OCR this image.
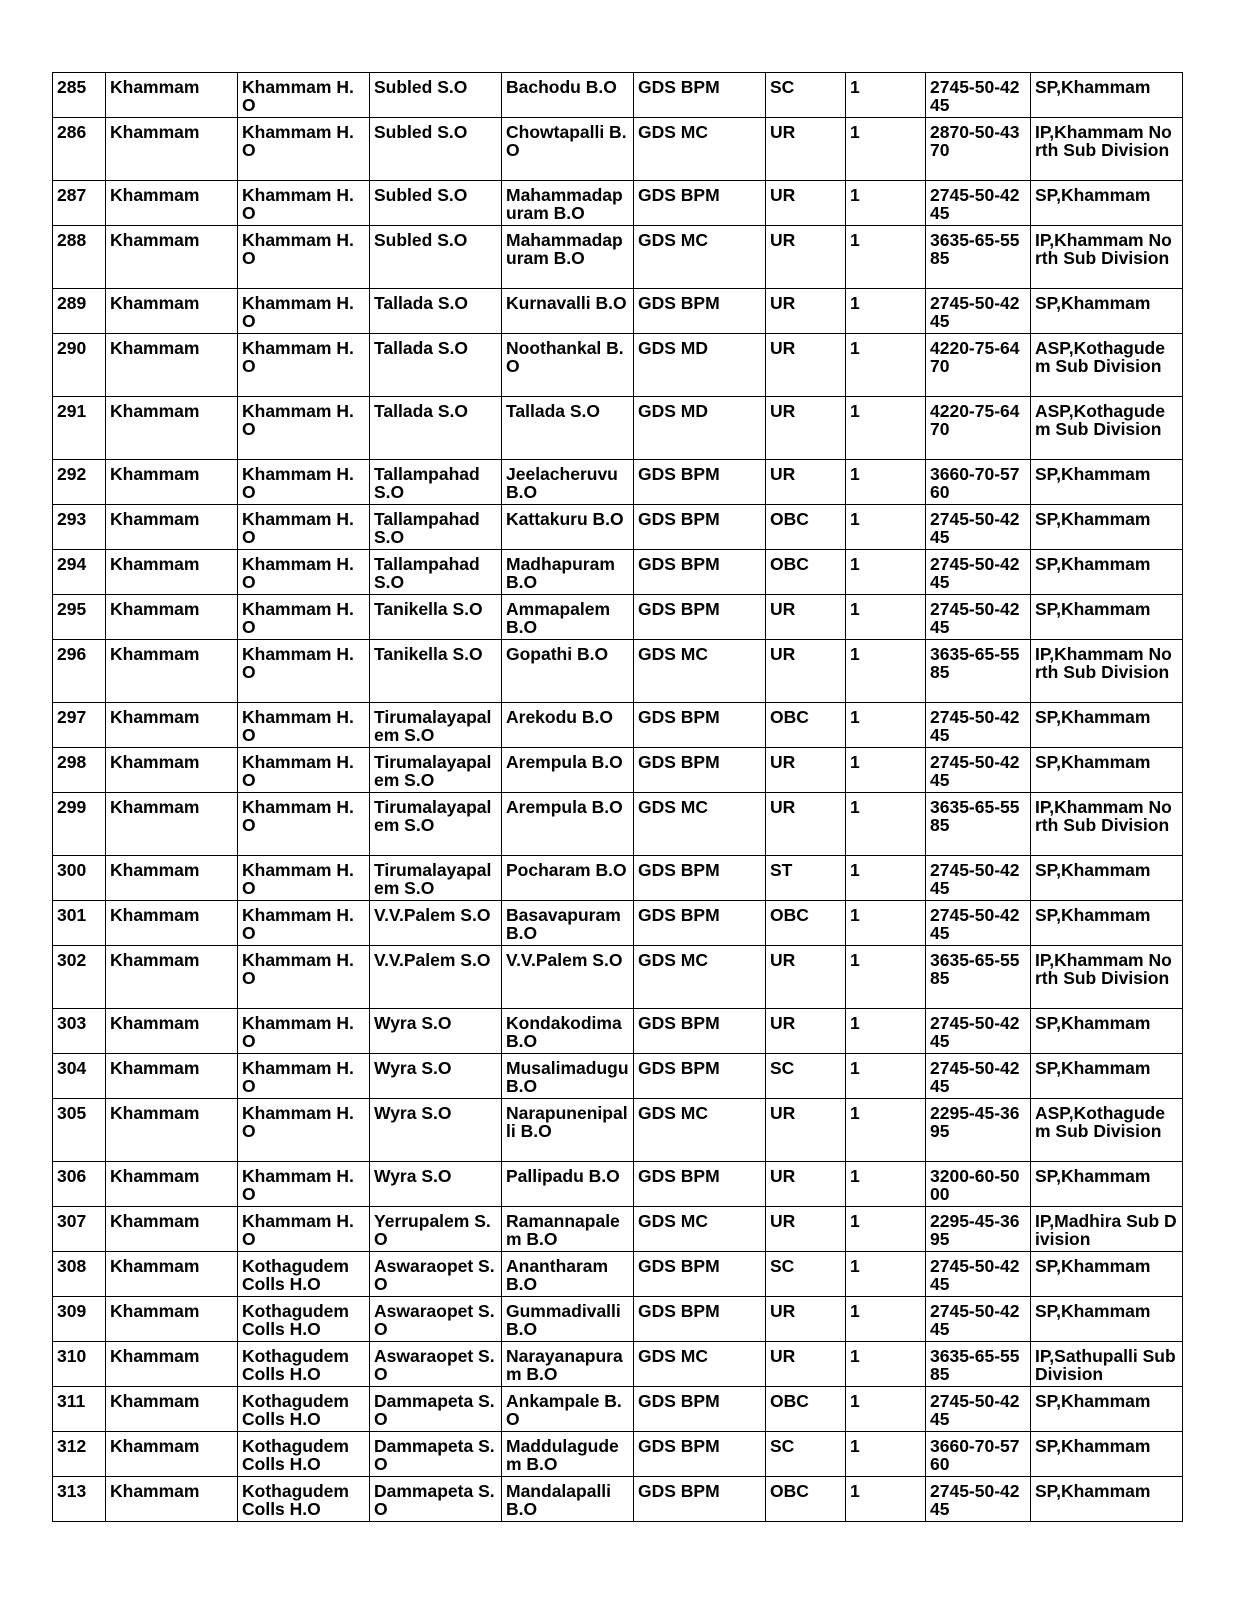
285	Khammam	Khammam H.O	Subled S.O	Bachodu B.O	GDS BPM	SC	1	2745-50-4245	SP,Khammam
286	Khammam	Khammam H.O	Subled S.O	Chowtapalli B.O	GDS MC	UR	1	2870-50-4370	IP,Khammam North Sub Division
287	Khammam	Khammam H.O	Subled S.O	Mahammadapuram B.O	GDS BPM	UR	1	2745-50-4245	SP,Khammam
288	Khammam	Khammam H.O	Subled S.O	Mahammadapuram B.O	GDS MC	UR	1	3635-65-5585	IP,Khammam North Sub Division
289	Khammam	Khammam H.O	Tallada S.O	Kurnavalli B.O	GDS BPM	UR	1	2745-50-4245	SP,Khammam
290	Khammam	Khammam H.O	Tallada S.O	Noothankal B.O	GDS MD	UR	1	4220-75-6470	ASP,Kothagudem Sub Division
291	Khammam	Khammam H.O	Tallada S.O	Tallada S.O	GDS MD	UR	1	4220-75-6470	ASP,Kothagudem Sub Division
292	Khammam	Khammam H.O	Tallampahad S.O	Jeelacheruvu B.O	GDS BPM	UR	1	3660-70-5760	SP,Khammam
293	Khammam	Khammam H.O	Tallampahad S.O	Kattakuru B.O	GDS BPM	OBC	1	2745-50-4245	SP,Khammam
294	Khammam	Khammam H.O	Tallampahad S.O	Madhapuram B.O	GDS BPM	OBC	1	2745-50-4245	SP,Khammam
295	Khammam	Khammam H.O	Tanikella S.O	Ammapalem B.O	GDS BPM	UR	1	2745-50-4245	SP,Khammam
296	Khammam	Khammam H.O	Tanikella S.O	Gopathi B.O	GDS MC	UR	1	3635-65-5585	IP,Khammam North Sub Division
297	Khammam	Khammam H.O	Tirumalayapalem S.O	Arekodu B.O	GDS BPM	OBC	1	2745-50-4245	SP,Khammam
298	Khammam	Khammam H.O	Tirumalayapalem S.O	Arempula B.O	GDS BPM	UR	1	2745-50-4245	SP,Khammam
299	Khammam	Khammam H.O	Tirumalayapalem S.O	Arempula B.O	GDS MC	UR	1	3635-65-5585	IP,Khammam North Sub Division
300	Khammam	Khammam H.O	Tirumalayapalem S.O	Pocharam B.O	GDS BPM	ST	1	2745-50-4245	SP,Khammam
301	Khammam	Khammam H.O	V.V.Palem S.O	Basavapuram B.O	GDS BPM	OBC	1	2745-50-4245	SP,Khammam
302	Khammam	Khammam H.O	V.V.Palem S.O	V.V.Palem S.O	GDS MC	UR	1	3635-65-5585	IP,Khammam North Sub Division
303	Khammam	Khammam H.O	Wyra S.O	Kondakodima B.O	GDS BPM	UR	1	2745-50-4245	SP,Khammam
304	Khammam	Khammam H.O	Wyra S.O	Musalimadugu B.O	GDS BPM	SC	1	2745-50-4245	SP,Khammam
305	Khammam	Khammam H.O	Wyra S.O	Narapunenipalli B.O	GDS MC	UR	1	2295-45-3695	ASP,Kothagudem Sub Division
306	Khammam	Khammam H.O	Wyra S.O	Pallipadu B.O	GDS BPM	UR	1	3200-60-5000	SP,Khammam
307	Khammam	Khammam H.O	Yerrupalem S.O	Ramannapalem B.O	GDS MC	UR	1	2295-45-3695	IP,Madhira Sub Division
308	Khammam	Kothagudem Colls H.O	Aswaraopet S.O	Anantharam B.O	GDS BPM	SC	1	2745-50-4245	SP,Khammam
309	Khammam	Kothagudem Colls H.O	Aswaraopet S.O	Gummadivalli B.O	GDS BPM	UR	1	2745-50-4245	SP,Khammam
310	Khammam	Kothagudem Colls H.O	Aswaraopet S.O	Narayanapuram B.O	GDS MC	UR	1	3635-65-5585	IP,Sathupalli Sub Division
311	Khammam	Kothagudem Colls H.O	Dammapeta S.O	Ankampale B.O	GDS BPM	OBC	1	2745-50-4245	SP,Khammam
312	Khammam	Kothagudem Colls H.O	Dammapeta S.O	Maddulagudem B.O	GDS BPM	SC	1	3660-70-5760	SP,Khammam
313	Khammam	Kothagudem Colls H.O	Dammapeta S.O	Mandalapalli B.O	GDS BPM	OBC	1	2745-50-4245	SP,Khammam
